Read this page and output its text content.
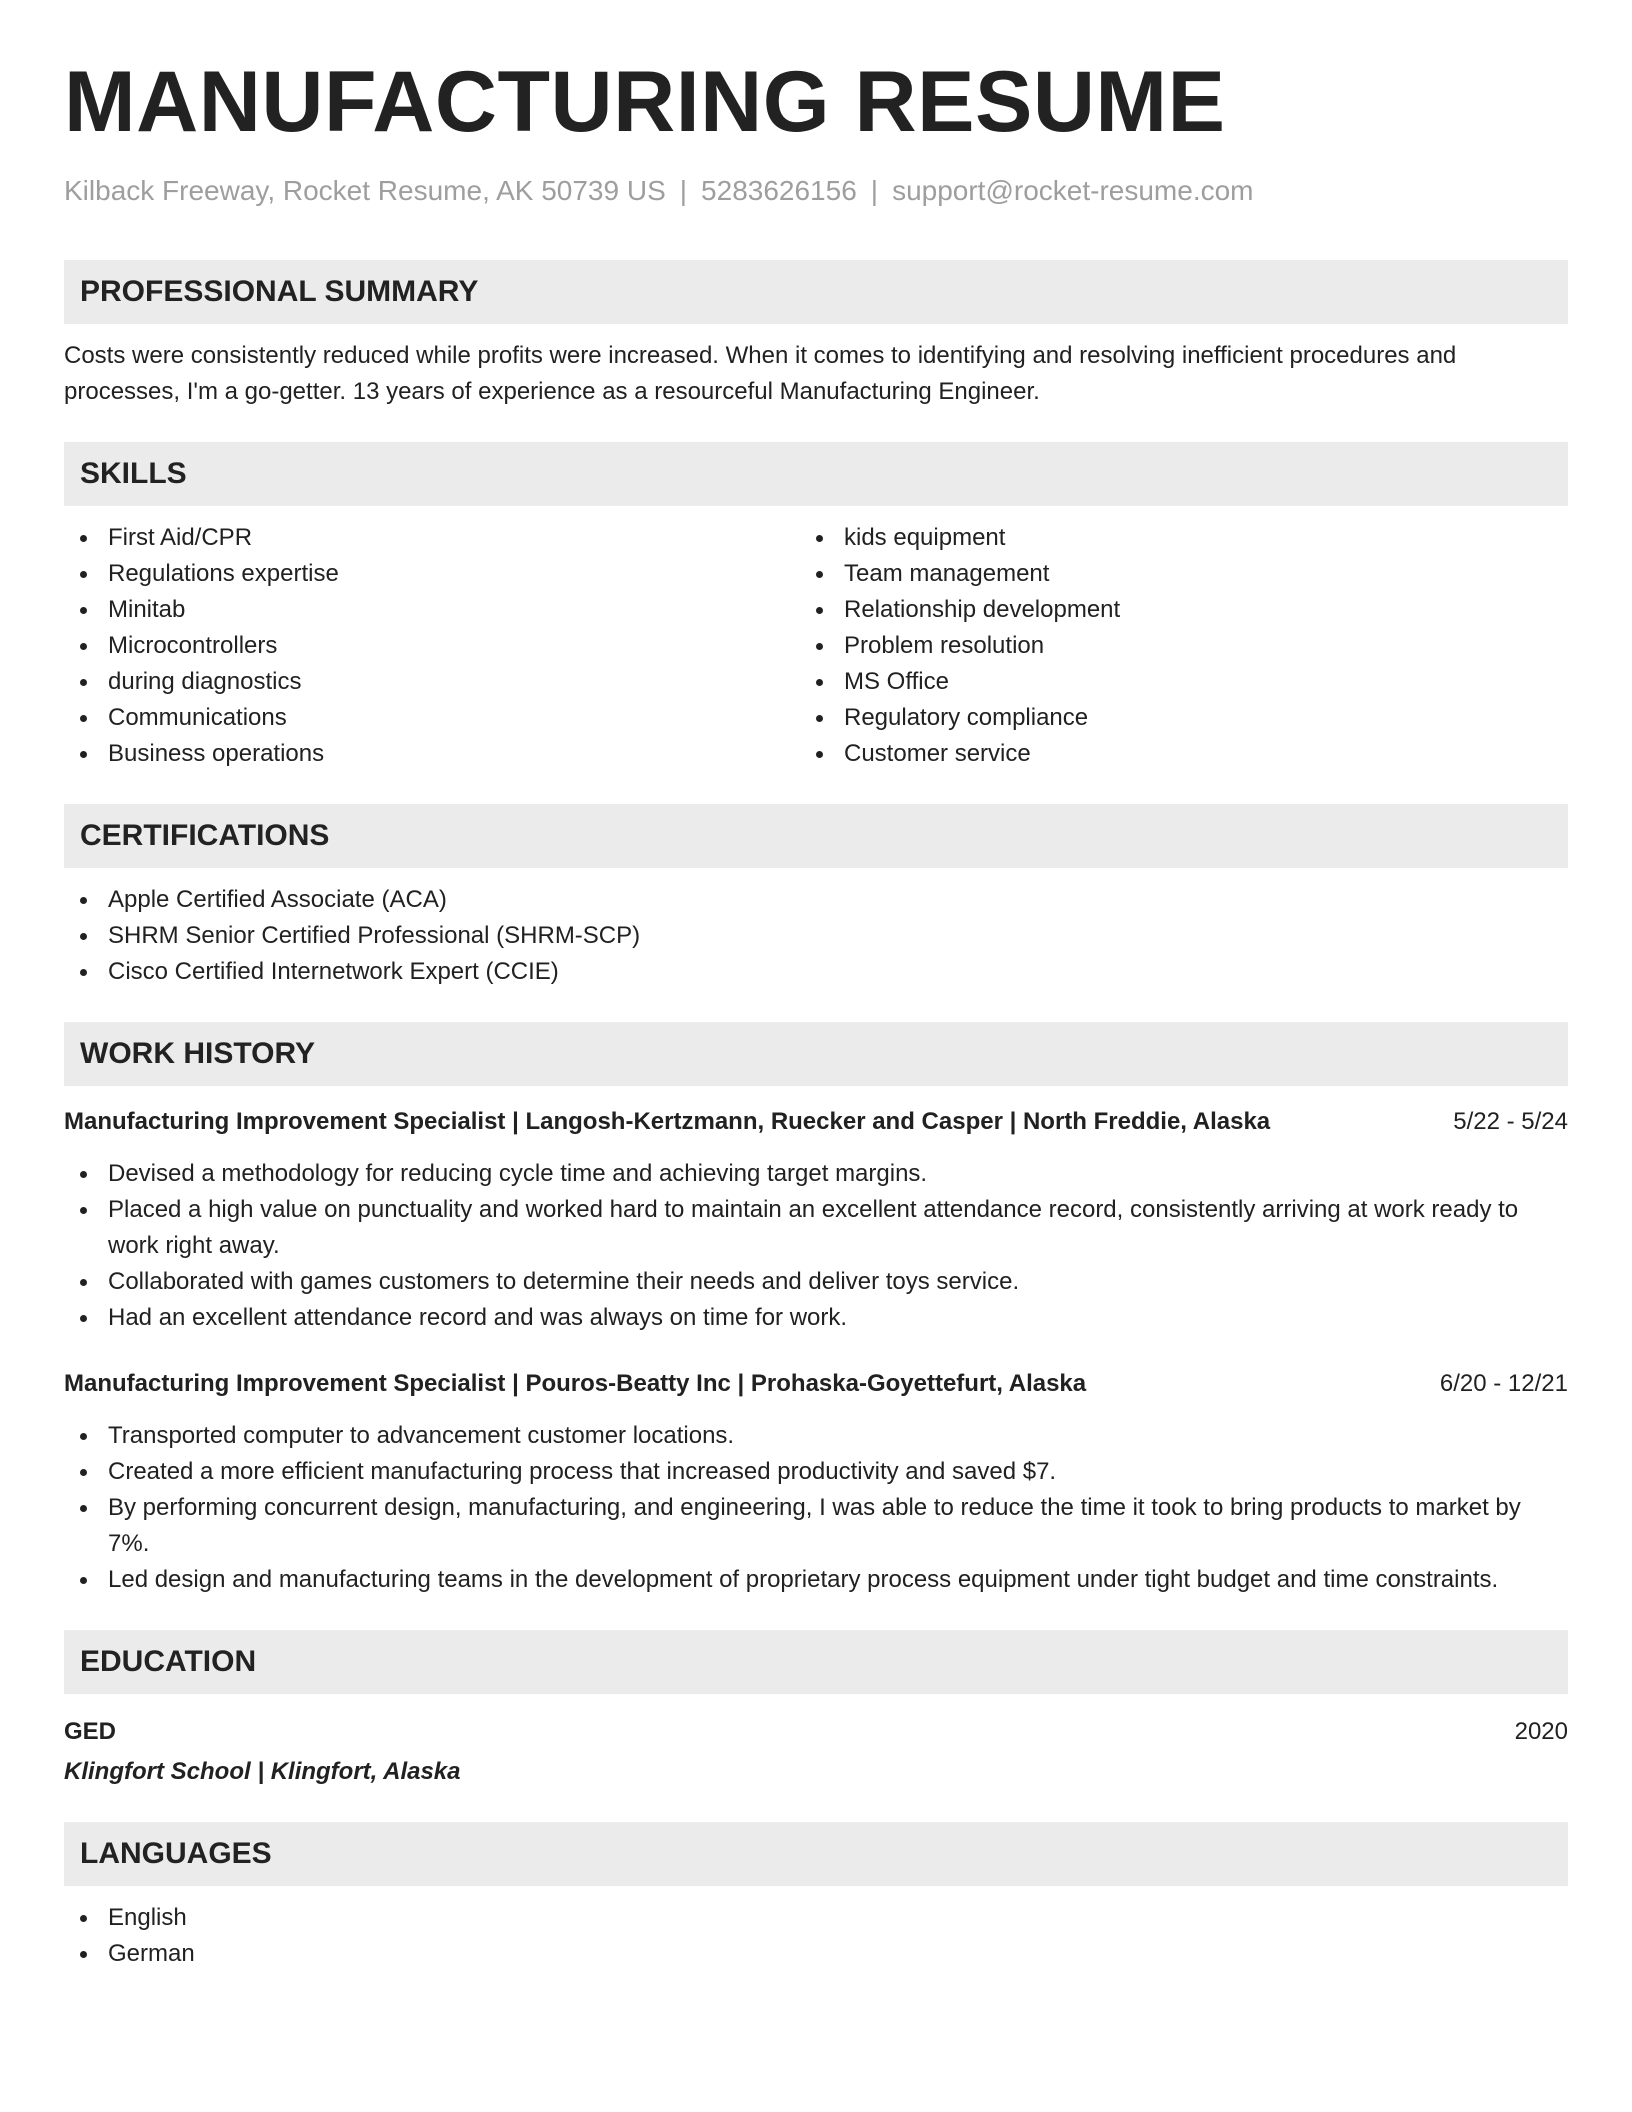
MANUFACTURING RESUME
Kilback Freeway, Rocket Resume, AK 50739 US | 5283626156 | support@rocket-resume.com
PROFESSIONAL SUMMARY

Costs were consistently reduced while profits were increased. When it comes to identifying and resolving inefficient procedures and processes, I'm a go-getter. 13 years of experience as a resourceful Manufacturing Engineer.

SKILLS
First Aid/CPR
Regulations expertise
Minitab
Microcontrollers
during diagnostics
Communications
Business operations
kids equipment
Team management
Relationship development
Problem resolution
MS Office
Regulatory compliance
Customer service
CERTIFICATIONS
Apple Certified Associate (ACA)
SHRM Senior Certified Professional (SHRM-SCP)
Cisco Certified Internetwork Expert (CCIE)
WORK HISTORY
Manufacturing Improvement Specialist | Langosh-Kertzmann, Ruecker and Casper | North Freddie, Alaska	5/22 - 5/24
Devised a methodology for reducing cycle time and achieving target margins.
Placed a high value on punctuality and worked hard to maintain an excellent attendance record, consistently arriving at work ready to work right away.
Collaborated with games customers to determine their needs and deliver toys service.
Had an excellent attendance record and was always on time for work.
Manufacturing Improvement Specialist | Pouros-Beatty Inc | Prohaska-Goyettefurt, Alaska	6/20 - 12/21
Transported computer to advancement customer locations.
Created a more efficient manufacturing process that increased productivity and saved $7.
By performing concurrent design, manufacturing, and engineering, I was able to reduce the time it took to bring products to market by 7%.
Led design and manufacturing teams in the development of proprietary process equipment under tight budget and time constraints.
EDUCATION
GED	2020
Klingfort School | Klingfort, Alaska
LANGUAGES
English
German
